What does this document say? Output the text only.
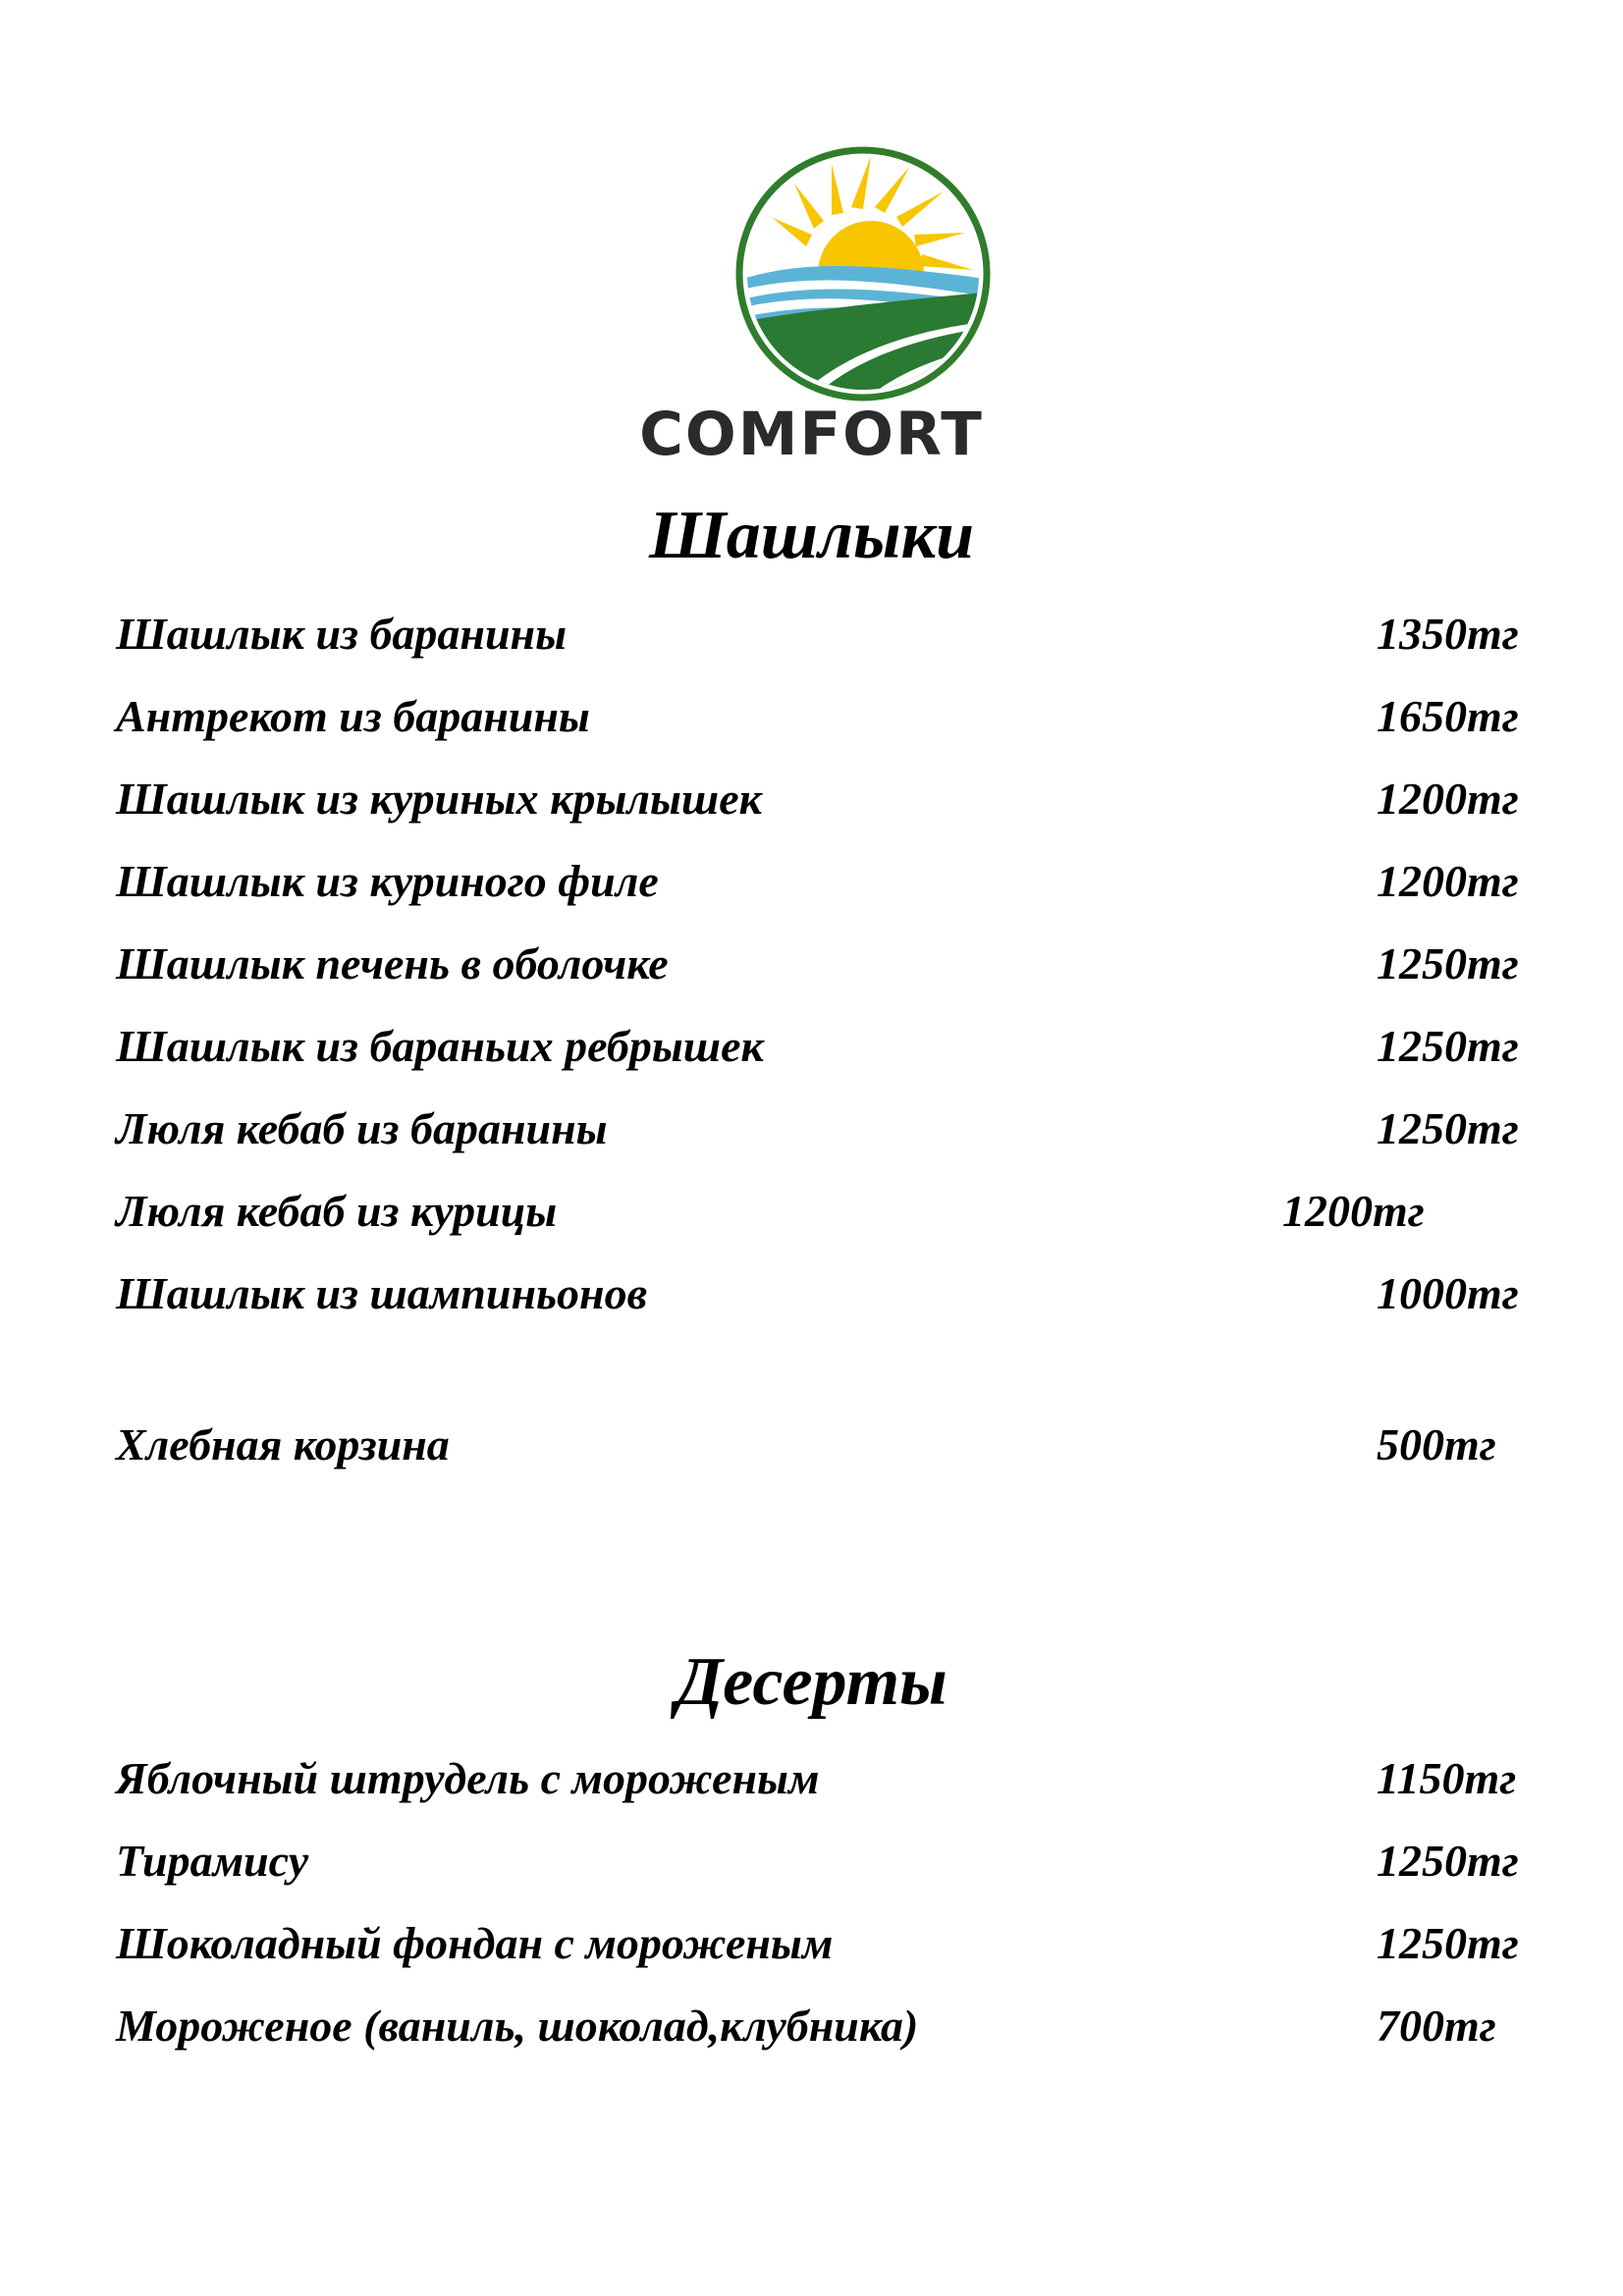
COMFORT
Шашлыки
Шашлык из баранины	1350тг
Антрекот из баранины	1650тг
Шашлык из куриных крылышек	1200тг
Шашлык из куриного филе	1200тг
Шашлык печень в оболочке	1250тг
Шашлык из бараньих ребрышек	1250тг
Люля кебаб из баранины	1250тг
Люля кебаб из курицы	1200тг
Шашлык из шампиньонов	1000тг
Хлебная корзина	500тг
Десерты
Яблочный штрудель с мороженым	1150тг
Тирамису	1250тг
Шоколадный фондан с мороженым	1250тг
Мороженое (ваниль, шоколад,клубника)	700тг
